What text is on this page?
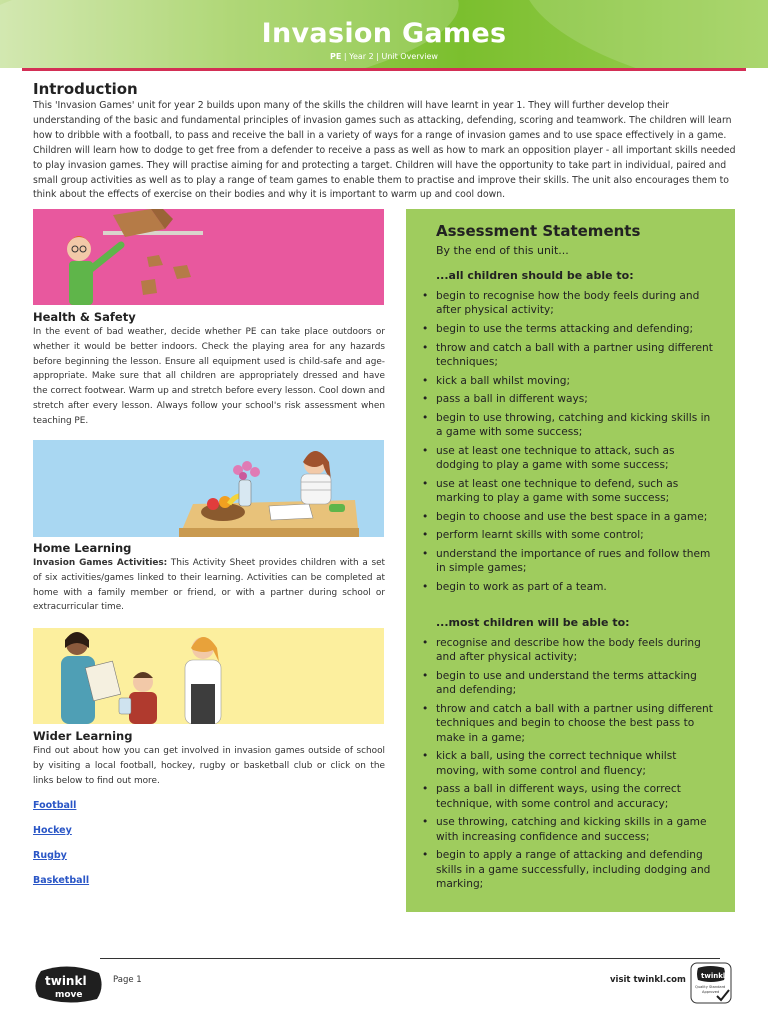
Invasion Games
PE | Year 2 | Unit Overview
Introduction
This 'Invasion Games' unit for year 2 builds upon many of the skills the children will have learnt in year 1. They will further develop their understanding of the basic and fundamental principles of invasion games such as attacking, defending, scoring and teamwork. The children will learn how to dribble with a football, to pass and receive the ball in a variety of ways for a range of invasion games and to use space effectively in a game. Children will learn how to dodge to get free from a defender to receive a pass as well as how to mark an opposition player - all important skills needed to play invasion games. They will practise aiming for and protecting a target. Children will have the opportunity to take part in individual, paired and small group activities as well as to play a range of team games to enable them to practise and improve their skills. The unit also encourages them to think about the effects of exercise on their bodies and why it is important to warm up and cool down.
Health & Safety
In the event of bad weather, decide whether PE can take place outdoors or whether it would be better indoors. Check the playing area for any hazards before beginning the lesson. Ensure all equipment used is child-safe and age-appropriate. Make sure that all children are appropriately dressed and have the correct footwear. Warm up and stretch before every lesson. Cool down and stretch after every lesson. Always follow your school's risk assessment when teaching PE.
Home Learning
Invasion Games Activities: This Activity Sheet provides children with a set of six activities/games linked to their learning. Activities can be completed at home with a family member or friend, or with a partner during school or extracurricular time.
Wider Learning
Find out about how you can get involved in invasion games outside of school by visiting a local football, hockey, rugby or basketball club or click on the links below to find out more.
Football
Hockey
Rugby
Basketball
Assessment Statements
By the end of this unit...
...all children should be able to:
• begin to recognise how the body feels during and after physical activity;
• begin to use the terms attacking and defending;
• throw and catch a ball with a partner using different techniques;
• kick a ball whilst moving;
• pass a ball in different ways;
• begin to use throwing, catching and kicking skills in a game with some success;
• use at least one technique to attack, such as dodging to play a game with some success;
• use at least one technique to defend, such as marking to play a game with some success;
• begin to choose and use the best space in a game;
• perform learnt skills with some control;
• understand the importance of rues and follow them in simple games;
• begin to work as part of a team.
...most children will be able to:
• recognise and describe how the body feels during and after physical activity;
• begin to use and understand the terms attacking and defending;
• throw and catch a ball with a partner using different techniques and begin to choose the best pass to make in a game;
• kick a ball, using the correct technique whilst moving, with some control and fluency;
• pass a ball in different ways, using the correct technique, with some control and accuracy;
• use throwing, catching and kicking skills in a game with increasing confidence and success;
• begin to apply a range of attacking and defending skills in a game successfully, including dodging and marking;
twinkl
move
Page 1	visit twinkl.com twinkl
Quality Standard
Approved
